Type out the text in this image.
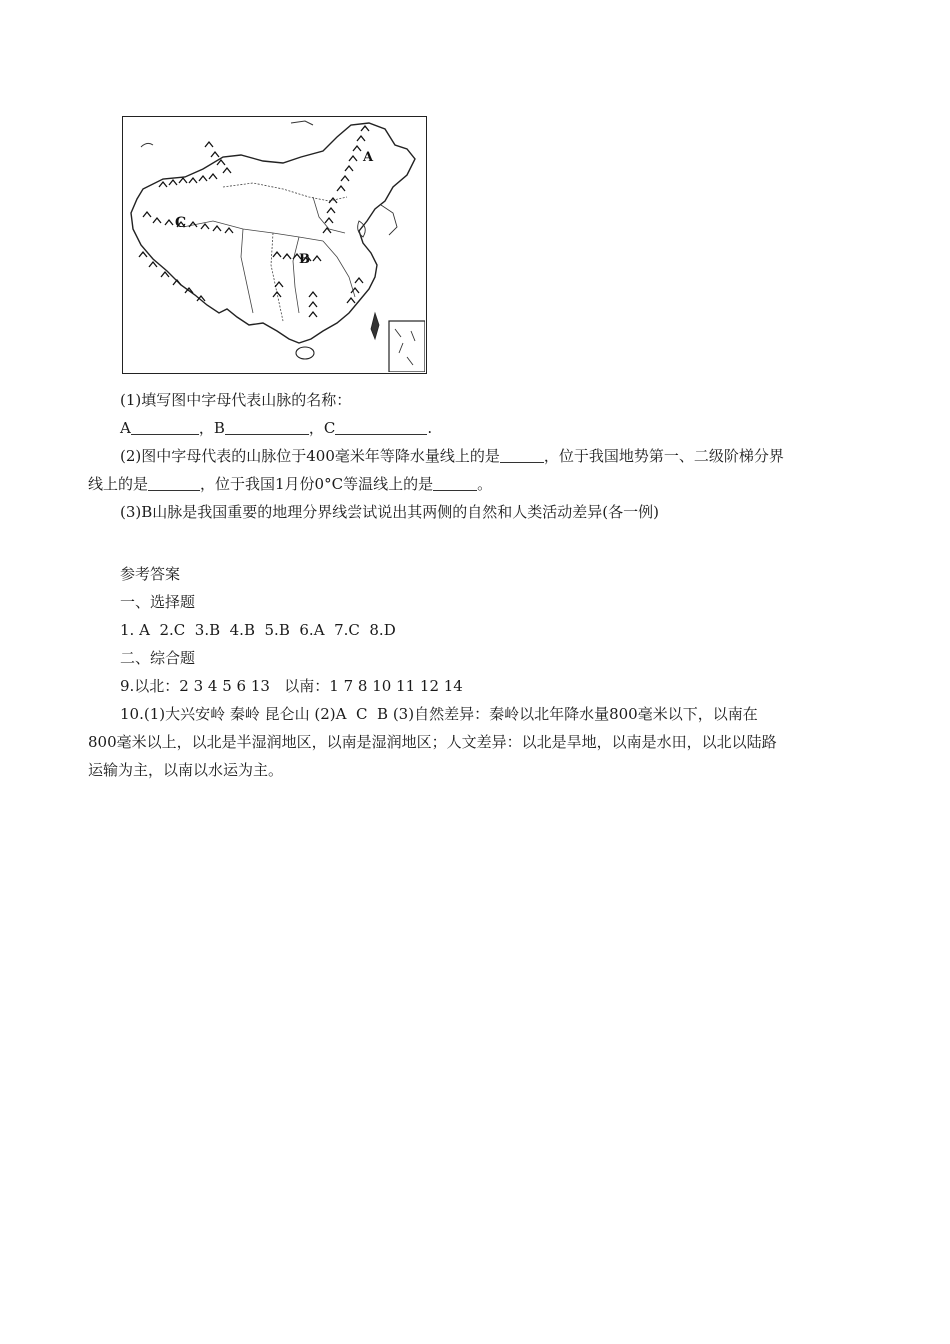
A
B
C
(1)填写图中字母代表山脉的名称：
A	，B	，C	.
(2)图中字母代表的山脉位于400毫米年等降水量线上的是	，位于我国地势第一、二级阶梯分界
线上的是	，位于我国1月份0°C等温线上的是	。
(3)B山脉是我国重要的地理分界线尝试说出其两侧的自然和人类活动差异(各一例)
参考答案
一、选择题
1. A  2.C  3.B  4.B  5.B  6.A  7.C  8.D
二、综合题
9.以北：2 3 4 5 6 13   以南：1 7 8 10 11 12 14
10.(1)大兴安岭 秦岭 昆仑山 (2)A  C  B (3)自然差异：秦岭以北年降水量800毫米以下，以南在
800毫米以上，以北是半湿润地区，以南是湿润地区；人文差异：以北是旱地，以南是水田，以北以陆路
运输为主，以南以水运为主。
